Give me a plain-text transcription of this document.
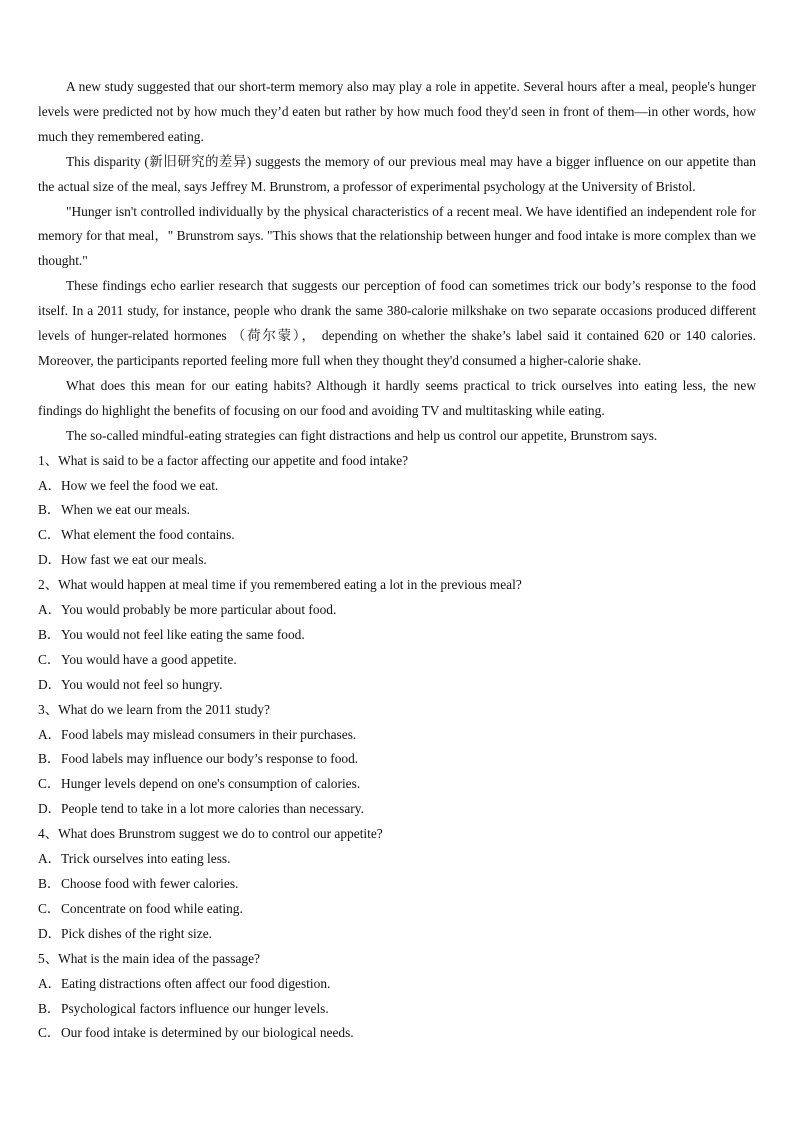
A new study suggested that our short-term memory also may play a role in appetite. Several hours after a meal, people's hunger levels were predicted not by how much they’d eaten but rather by how much food they'd seen in front of them—in other words, how much they remembered eating.

This disparity (新旧研究的差异) suggests the memory of our previous meal may have a bigger influence on our appetite than the actual size of the meal, says Jeffrey M. Brunstrom, a professor of experimental psychology at the University of Bristol.

"Hunger isn't controlled individually by the physical characteristics of a recent meal. We have identified an independent role for memory for that meal，" Brunstrom says. "This shows that the relationship between hunger and food intake is more complex than we thought."

These findings echo earlier research that suggests our perception of food can sometimes trick our body’s response to the food itself. In a 2011 study, for instance, people who drank the same 380-calorie milkshake on two separate occasions produced different levels of hunger-related hormones （荷尔蒙）， depending on whether the shake’s label said it contained 620 or 140 calories. Moreover, the participants reported feeling more full when they thought they'd consumed a higher-calorie shake.

What does this mean for our eating habits? Although it hardly seems practical to trick ourselves into eating less, the new findings do highlight the benefits of focusing on our food and avoiding TV and multitasking while eating.

The so-called mindful-eating strategies can fight distractions and help us control our appetite, Brunstrom says.

1、What is said to be a factor affecting our appetite and food intake?

A．How we feel the food we eat.

B．When we eat our meals.

C．What element the food contains.

D．How fast we eat our meals.

2、What would happen at meal time if you remembered eating a lot in the previous meal?

A．You would probably be more particular about food.

B．You would not feel like eating the same food.

C．You would have a good appetite.

D．You would not feel so hungry.

3、What do we learn from the 2011 study?

A．Food labels may mislead consumers in their purchases.

B．Food labels may influence our body’s response to food.

C．Hunger levels depend on one's consumption of calories.

D．People tend to take in a lot more calories than necessary.

4、What does Brunstrom suggest we do to control our appetite?

A．Trick ourselves into eating less.

B．Choose food with fewer calories.

C．Concentrate on food while eating.

D．Pick dishes of the right size.

5、What is the main idea of the passage?

A．Eating distractions often affect our food digestion.

B．Psychological factors influence our hunger levels.

C．Our food intake is determined by our biological needs.
